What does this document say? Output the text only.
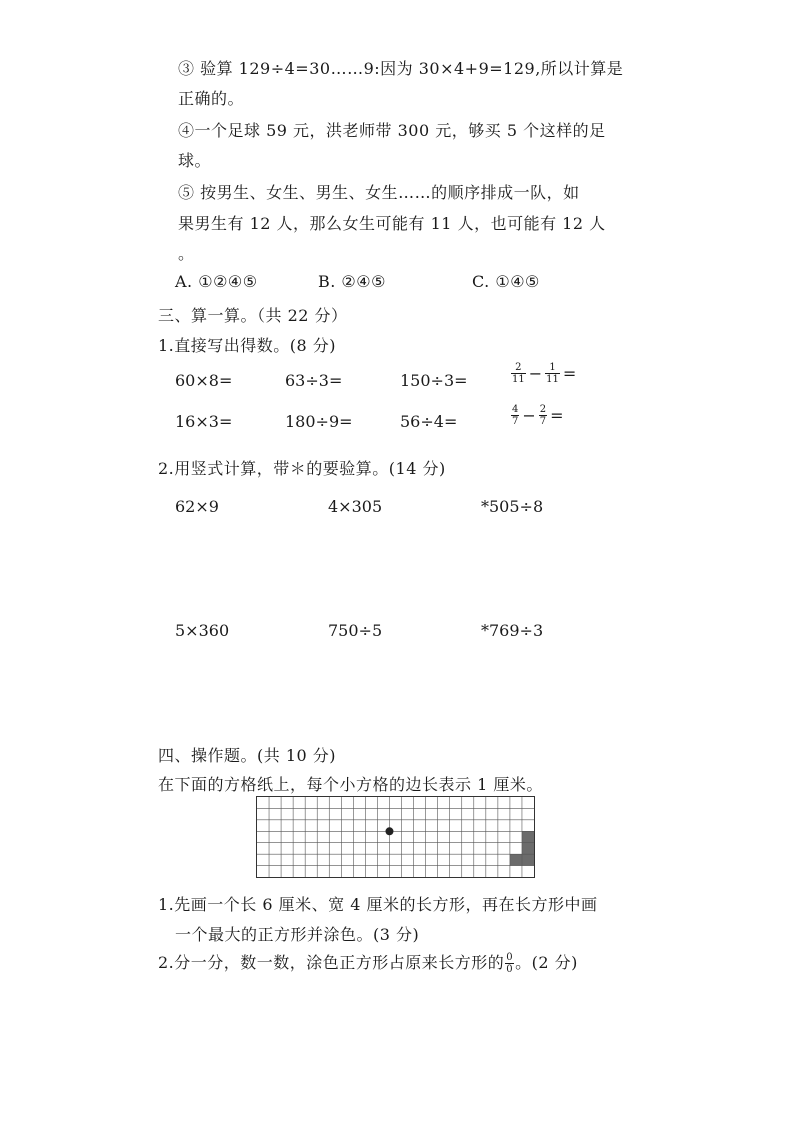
③ 验算 129÷4=30……9:因为 30×4+9=129,所以计算是
正确的。
④一个足球 59 元，洪老师带 300 元，够买 5 个这样的足
球。
⑤ 按男生、女生、男生、女生……的顺序排成一队，如
果男生有 12 人，那么女生可能有 11 人，也可能有 12 人
。
A. ①②④⑤	B. ②④⑤	C. ①④⑤
三、算一算。（共 22 分）
1.直接写出得数。(8 分)
60×8=	63÷3=	150÷3=	$\frac{2}{11} - \frac{1}{11}$ =
16×3=	180÷9=	56÷4=	$\frac{4}{7} - \frac{2}{7}$ =
2.用竖式计算，带＊的要验算。(14 分)
62×9	4×305	*505÷8
5×360	750÷5	*769÷3
四、操作题。(共 10 分)
在下面的方格纸上，每个小方格的边长表示 1 厘米。
1.先画一个长 6 厘米、宽 4 厘米的长方形，再在长方形中画
一个最大的正方形并涂色。(3 分)
2.分一分，数一数，涂色正方形占原来长方形的 $\frac{0}{0}$ 。(2 分)
